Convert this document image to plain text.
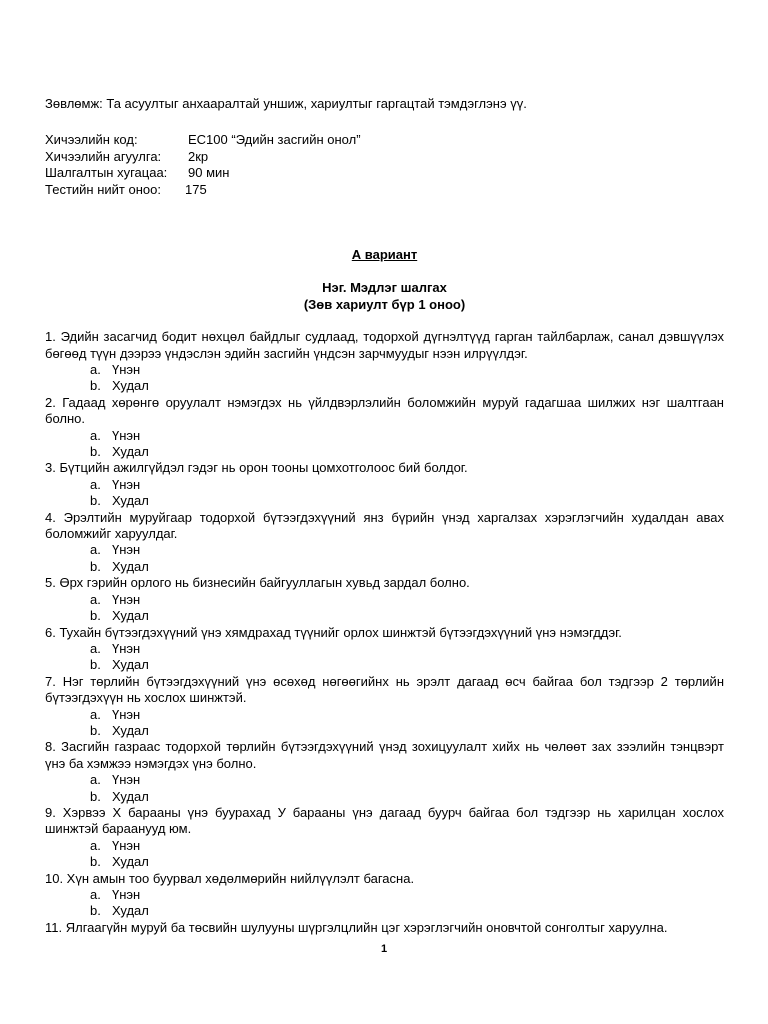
Зөвлөмж: Та асуултыг анхааралтай уншиж, хариултыг гаргацтай тэмдэглэнэ үү.
Хичээлийн код:	EC100 “Эдийн засгийн онол”
Хичээлийн агуулга:	2кр
Шалгалтын хугацаа:	90 мин
Тестийн нийт оноо:	175
А вариант
Нэг. Мэдлэг шалгах
(Зөв хариулт бүр 1 оноо)
1. Эдийн засагчид бодит нөхцөл байдлыг судлаад, тодорхой дүгнэлтүүд гарган тайлбарлаж, санал дэвшүүлэх бөгөөд түүн дээрээ үндэслэн эдийн засгийн үндсэн зарчмуудыг нээн илрүүлдэг.
a. Үнэн
b. Худал
2. Гадаад хөрөнгө оруулалт нэмэгдэх нь үйлдвэрлэлийн боломжийн муруй гадагшаа шилжих нэг шалтгаан болно.
a. Үнэн
b. Худал
3. Бүтцийн ажилгүйдэл гэдэг нь орон тооны цомхотголоос бий болдог.
a. Үнэн
b. Худал
4. Эрэлтийн муруйгаар тодорхой бүтээгдэхүүний янз бүрийн үнэд харгалзах хэрэглэгчийн худалдан авах боломжийг харуулдаг.
a. Үнэн
b. Худал
5. Өрх гэрийн орлого нь бизнесийн байгууллагын хувьд зардал болно.
a. Үнэн
b. Худал
6. Тухайн бүтээгдэхүүний үнэ хямдрахад түүнийг орлох шинжтэй бүтээгдэхүүний үнэ нэмэгддэг.
a. Үнэн
b. Худал
7. Нэг төрлийн бүтээгдэхүүний үнэ өсөхөд нөгөөгийнх нь эрэлт дагаад өсч байгаа бол тэдгээр 2 төрлийн бүтээгдэхүүн нь хослох шинжтэй.
a. Үнэн
b. Худал
8. Засгийн газраас тодорхой төрлийн бүтээгдэхүүний үнэд зохицуулалт хийх нь чөлөөт зах зээлийн тэнцвэрт үнэ ба хэмжээ нэмэгдэх үнэ болно.
a. Үнэн
b. Худал
9. Хэрвээ Х барааны үнэ буурахад У барааны үнэ дагаад буурч байгаа бол тэдгээр нь харилцан хослох шинжтэй бараанууд юм.
a. Үнэн
b. Худал
10. Хүн амын тоо буурвал хөдөлмөрийн нийлүүлэлт багасна.
a. Үнэн
b. Худал
11. Ялгаагүйн муруй ба төсвийн шулууны шүргэлцлийн цэг хэрэглэгчийн оновчтой сонголтыг харуулна.
1
